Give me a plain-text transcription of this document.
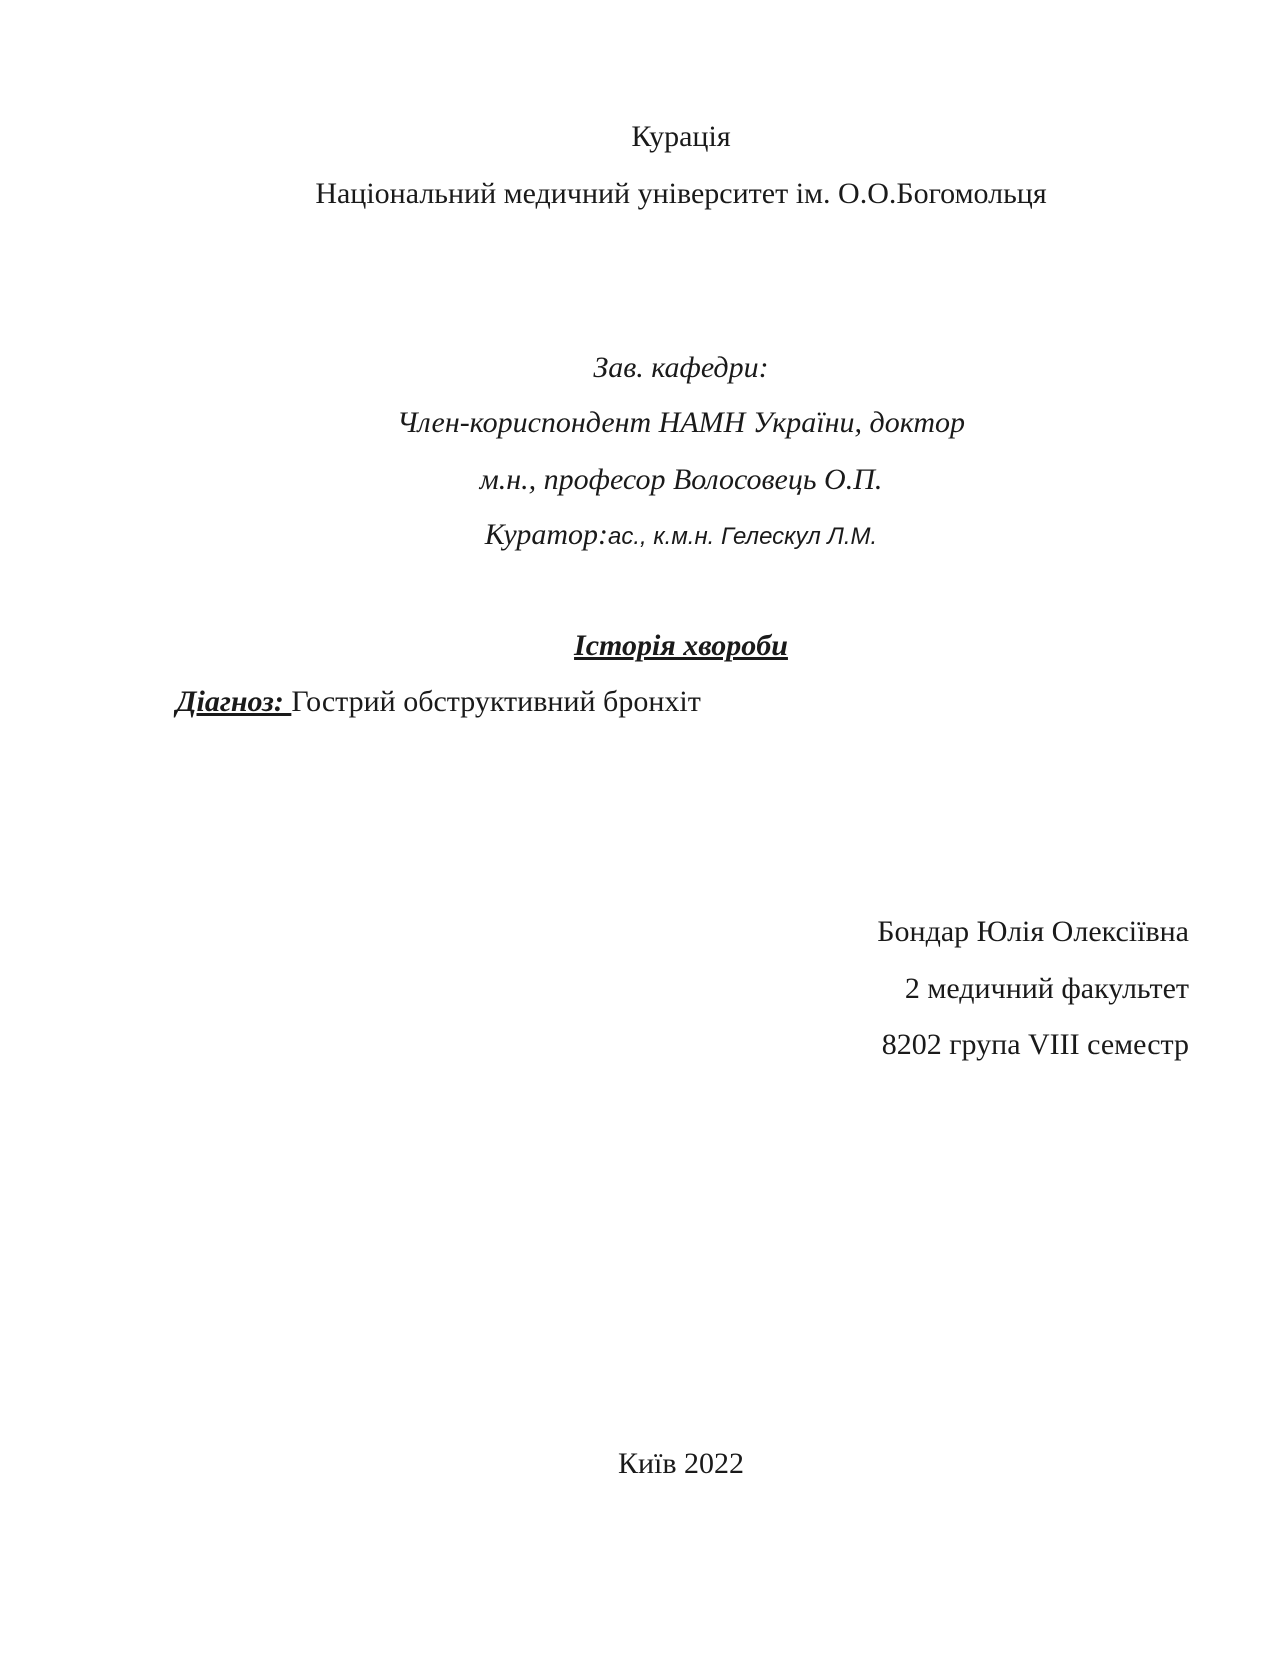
Курація
Національний медичний університет ім. О.О.Богомольця
Зав. кафедри:
Член-кориспондент НАМН України, доктор
м.н., професор Волосовець О.П.
Куратор:ас., к.м.н. Гелескул Л.М.
Історія хвороби
Діагноз: Гострий обструктивний бронхіт
Бондар Юлія Олексіївна
2 медичний факультет
8202 група VIII семестр
Київ 2022
